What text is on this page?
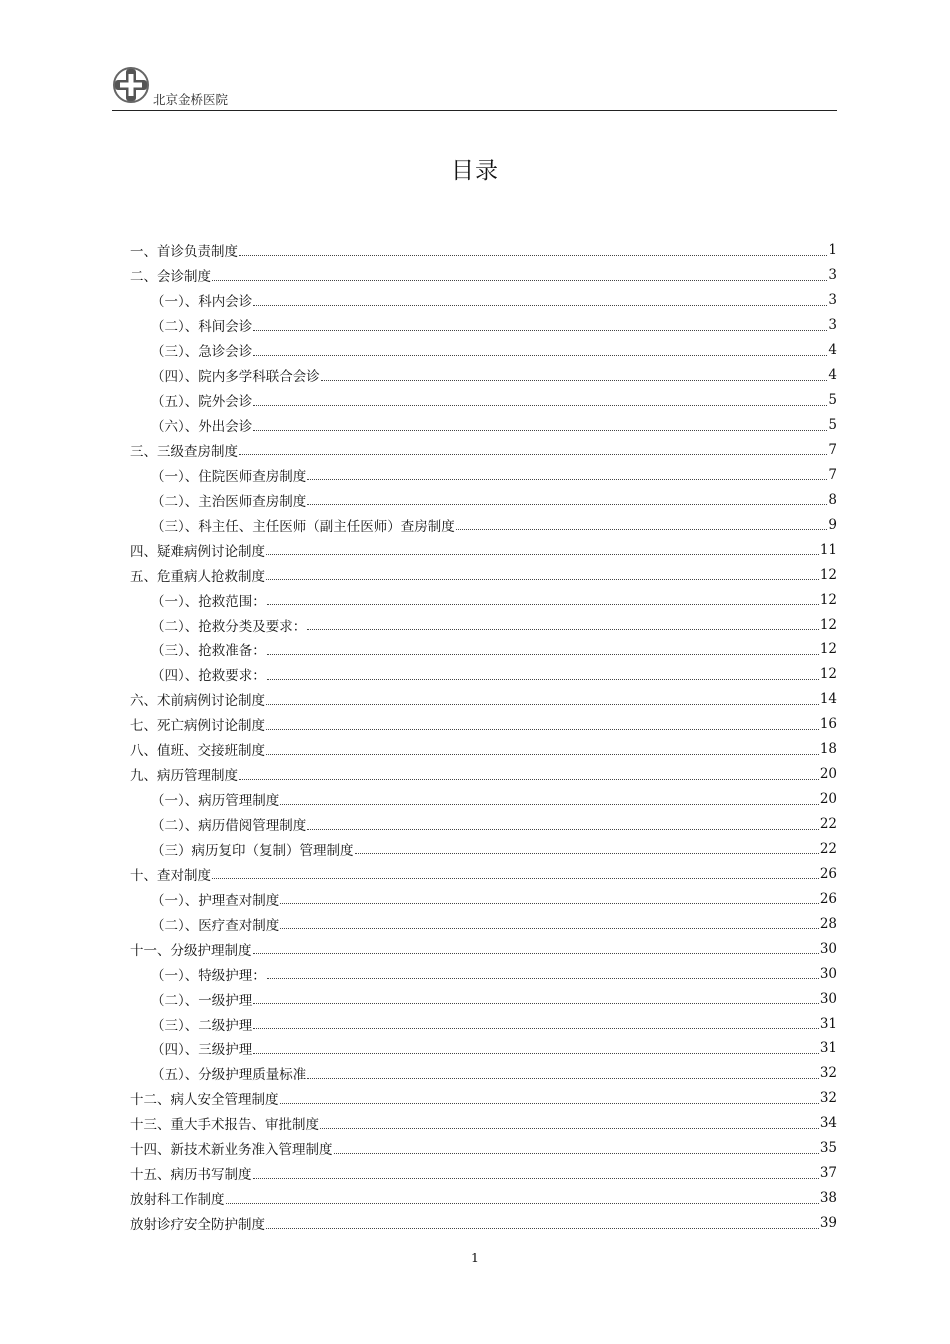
北京金桥医院
目录
一、首诊负责制度	1
二、会诊制度	3
（一）、科内会诊	3
（二）、科间会诊	3
（三）、急诊会诊	4
（四）、院内多学科联合会诊	4
（五）、院外会诊	5
（六）、外出会诊	5
三、三级查房制度	7
（一）、住院医师查房制度	7
（二）、主治医师查房制度	8
（三）、科主任、主任医师（副主任医师）查房制度	9
四、疑难病例讨论制度	11
五、危重病人抢救制度	12
（一）、抢救范围：	12
（二）、抢救分类及要求：	12
（三）、抢救准备：	12
（四）、抢救要求：	12
六、术前病例讨论制度	14
七、死亡病例讨论制度	16
八、值班、交接班制度	18
九、病历管理制度	20
（一）、病历管理制度	20
（二）、病历借阅管理制度	22
（三）病历复印（复制）管理制度	22
十、查对制度	26
（一）、护理查对制度	26
（二）、医疗查对制度	28
十一、分级护理制度	30
（一）、特级护理：	30
（二）、一级护理	30
（三）、二级护理	31
（四）、三级护理	31
（五）、分级护理质量标准	32
十二、病人安全管理制度	32
十三、重大手术报告、审批制度	34
十四、新技术新业务准入管理制度	35
十五、病历书写制度	37
放射科工作制度	38
放射诊疗安全防护制度	39
1
